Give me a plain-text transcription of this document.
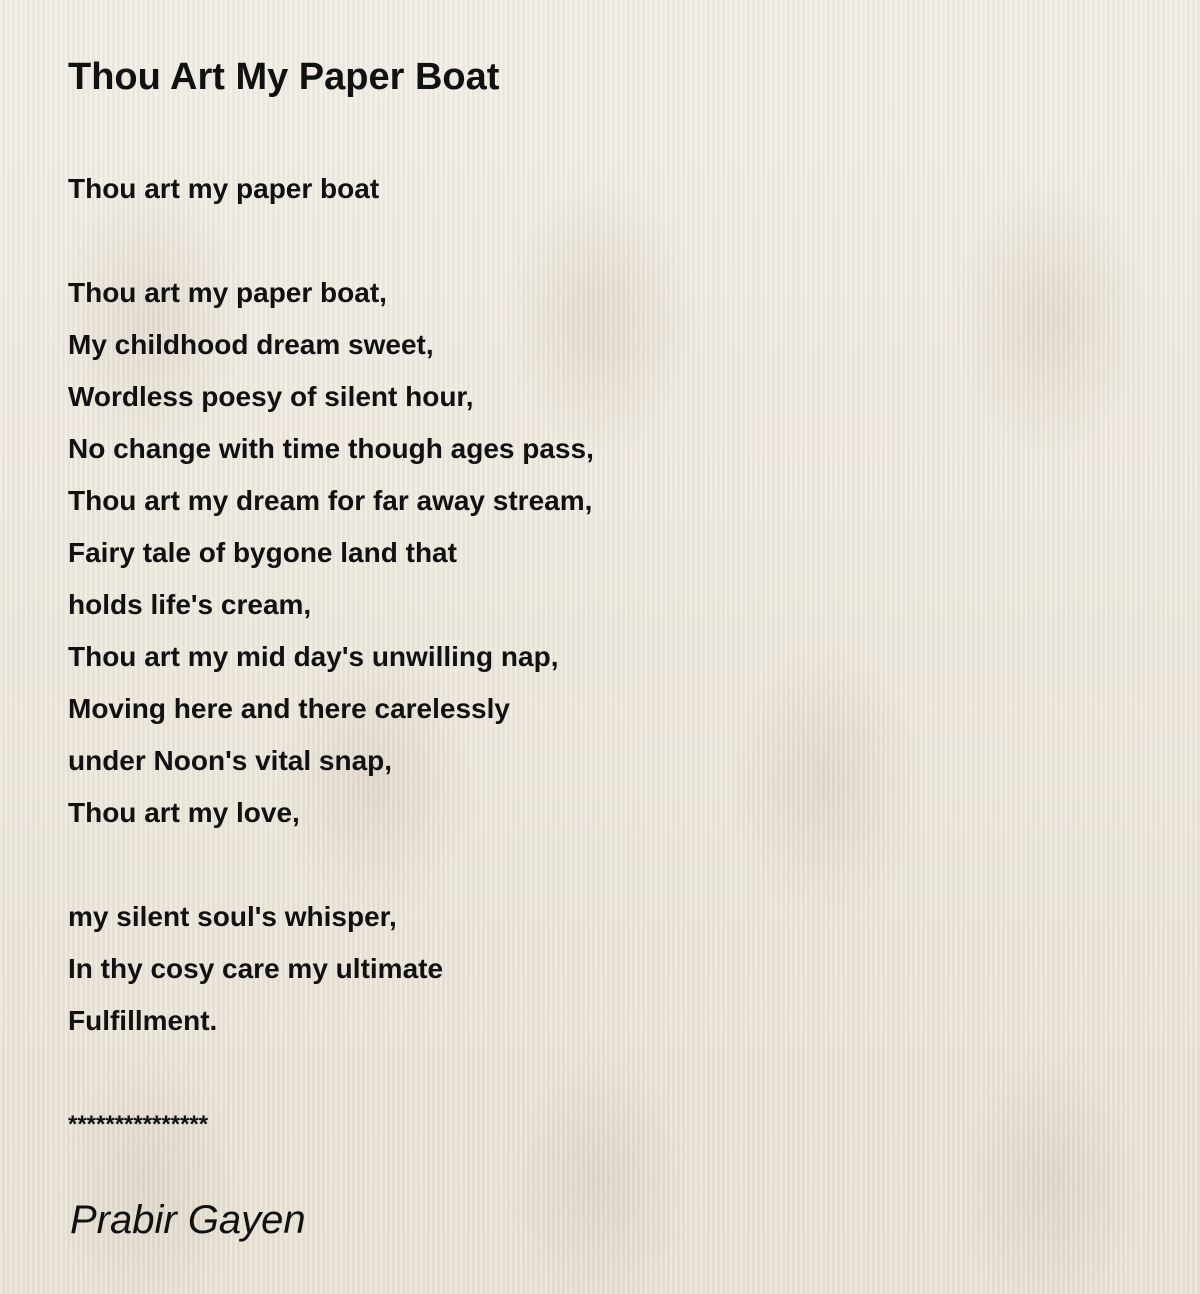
Thou Art My Paper Boat
Thou art my paper boat
Thou art my paper boat,
My childhood dream sweet,
Wordless poesy of silent hour,
No change with time though ages pass,
Thou art my dream for far away stream,
Fairy tale of bygone land that
holds life's cream,
Thou art my mid day's unwilling nap,
Moving here and there carelessly
under Noon's vital snap,
Thou art my love,
my silent soul's whisper,
In thy cosy care my ultimate
Fulfillment.
***************
Prabir Gayen
